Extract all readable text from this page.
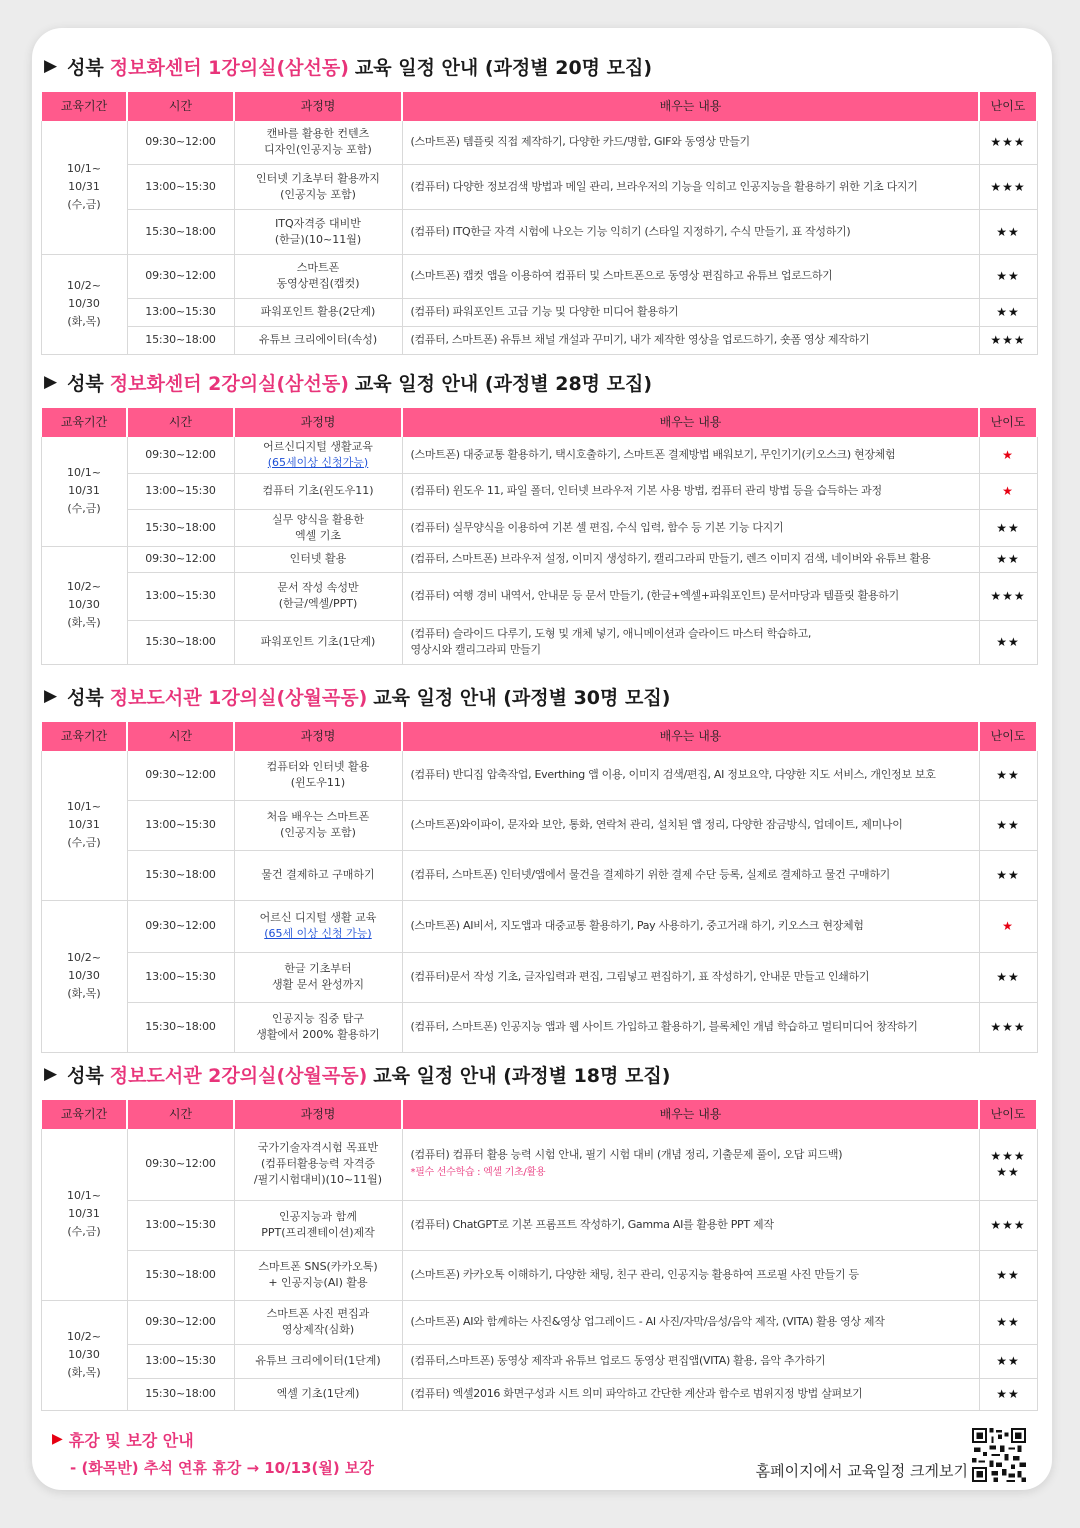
▶ 성북 정보화센터 1강의실(삼선동) 교육 일정 안내 (과정별 20명 모집)
교육기간	시간	과정명	배우는 내용	난이도
10/1~
10/31
(수,금)	09:30~12:00	캔바를 활용한 컨텐츠
디자인(인공지능 포함)	(스마트폰) 템플릿 직접 제작하기, 다양한 카드/명함, GIF와 동영상 만들기	★★★
	13:00~15:30	인터넷 기초부터 활용까지
(인공지능 포함)	(컴퓨터) 다양한 정보검색 방법과 메일 관리, 브라우저의 기능을 익히고 인공지능을 활용하기 위한 기초 다지기	★★★
	15:30~18:00	ITQ자격증 대비반
(한글)(10~11월)	(컴퓨터) ITQ한글 자격 시험에 나오는 기능 익히기 (스타일 지정하기, 수식 만들기, 표 작성하기)	★★
10/2~
10/30
(화,목)	09:30~12:00	스마트폰
동영상편집(캡컷)	(스마트폰) 캡컷 앱을 이용하여 컴퓨터 및 스마트폰으로 동영상 편집하고 유튜브 업로드하기	★★
	13:00~15:30	파워포인트 활용(2단계)	(컴퓨터) 파워포인트 고급 기능 및 다양한 미디어 활용하기	★★
	15:30~18:00	유튜브 크리에이터(속성)	(컴퓨터, 스마트폰) 유튜브 채널 개설과 꾸미기, 내가 제작한 영상을 업로드하기, 숏폼 영상 제작하기	★★★
▶ 성북 정보화센터 2강의실(삼선동) 교육 일정 안내 (과정별 28명 모집)
교육기간	시간	과정명	배우는 내용	난이도
10/1~
10/31
(수,금)	09:30~12:00	어르신디지털 생활교육
(65세이상 신청가능)	(스마트폰) 대중교통 활용하기, 택시호출하기, 스마트폰 결제방법 배워보기, 무인기기(키오스크) 현장체험	★
	13:00~15:30	컴퓨터 기초(윈도우11)	(컴퓨터) 윈도우 11, 파일 폴더, 인터넷 브라우저 기본 사용 방법, 컴퓨터 관리 방법 등을 습득하는 과정	★
	15:30~18:00	실무 양식을 활용한
엑셀 기초	(컴퓨터) 실무양식을 이용하여 기본 셀 편집, 수식 입력, 함수 등 기본 기능 다지기	★★
10/2~
10/30
(화,목)	09:30~12:00	인터넷 활용	(컴퓨터, 스마트폰) 브라우저 설정, 이미지 생성하기, 캘리그라피 만들기, 렌즈 이미지 검색, 네이버와 유튜브 활용	★★
	13:00~15:30	문서 작성 속성반
(한글/엑셀/PPT)	(컴퓨터) 여행 경비 내역서, 안내문 등 문서 만들기, (한글+엑셀+파워포인트) 문서마당과 템플릿 활용하기	★★★
	15:30~18:00	파워포인트 기초(1단계)	(컴퓨터) 슬라이드 다루기, 도형 및 개체 넣기, 애니메이션과 슬라이드 마스터 학습하고,
영상시와 캘리그라피 만들기	★★
▶ 성북 정보도서관 1강의실(상월곡동) 교육 일정 안내 (과정별 30명 모집)
교육기간	시간	과정명	배우는 내용	난이도
10/1~
10/31
(수,금)	09:30~12:00	컴퓨터와 인터넷 활용
(윈도우11)	(컴퓨터) 반디집 압축작업, Everthing 앱 이용, 이미지 검색/편집, AI 정보요약, 다양한 지도 서비스, 개인정보 보호	★★
	13:00~15:30	처음 배우는 스마트폰
(인공지능 포함)	(스마트폰)와이파이, 문자와 보안, 통화, 연락처 관리, 설치된 앱 정리, 다양한 잠금방식, 업데이트, 제미나이	★★
	15:30~18:00	물건 결제하고 구매하기	(컴퓨터, 스마트폰) 인터넷/앱에서 물건을 결제하기 위한 결제 수단 등록, 실제로 결제하고 물건 구매하기	★★
10/2~
10/30
(화,목)	09:30~12:00	어르신 디지털 생활 교육
(65세 이상 신청 가능)	(스마트폰) AI비서, 지도앱과 대중교통 활용하기, Pay 사용하기, 중고거래 하기, 키오스크 현장체험	★
	13:00~15:30	한글 기초부터
생활 문서 완성까지	(컴퓨터)문서 작성 기초, 글자입력과 편집, 그림넣고 편집하기, 표 작성하기, 안내문 만들고 인쇄하기	★★
	15:30~18:00	인공지능 집중 탐구
생활에서 200% 활용하기	(컴퓨터, 스마트폰) 인공지능 앱과 웹 사이트 가입하고 활용하기, 블록체인 개념 학습하고 멀티미디어 창작하기	★★★
▶ 성북 정보도서관 2강의실(상월곡동) 교육 일정 안내 (과정별 18명 모집)
교육기간	시간	과정명	배우는 내용	난이도
10/1~
10/31
(수,금)	09:30~12:00	국가기술자격시험 목표반
(컴퓨터활용능력 자격증
/필기시험대비)(10~11월)	(컴퓨터) 컴퓨터 활용 능력 시험 안내, 필기 시험 대비 (개념 정리, 기출문제 풀이, 오답 피드백)
*필수 선수학습 : 엑셀 기초/활용	★★★
★★
	13:00~15:30	인공지능과 함께
PPT(프리젠테이션)제작	(컴퓨터) ChatGPT로 기본 프롬프트 작성하기, Gamma AI를 활용한 PPT 제작	★★★
	15:30~18:00	스마트폰 SNS(카카오톡)
+ 인공지능(AI) 활용	(스마트폰) 카카오톡 이해하기, 다양한 채팅, 친구 관리, 인공지능 활용하여 프로필 사진 만들기 등	★★
10/2~
10/30
(화,목)	09:30~12:00	스마트폰 사진 편집과
영상제작(심화)	(스마트폰) AI와 함께하는 사진&영상 업그레이드 - AI 사진/자막/음성/음악 제작, (VITA) 활용 영상 제작	★★
	13:00~15:30	유튜브 크리에이터(1단계)	(컴퓨터,스마트폰) 동영상 제작과 유튜브 업로드 동영상 편집앱(VITA) 활용, 음악 추가하기	★★
	15:30~18:00	엑셀 기초(1단계)	(컴퓨터) 엑셀2016 화면구성과 시트 의미 파악하고 간단한 계산과 함수로 범위지정 방법 살펴보기	★★
▶ 휴강 및 보강 안내
- (화목반) 추석 연휴 휴강 → 10/13(월) 보강	홈페이지에서 교육일정 크게보기
